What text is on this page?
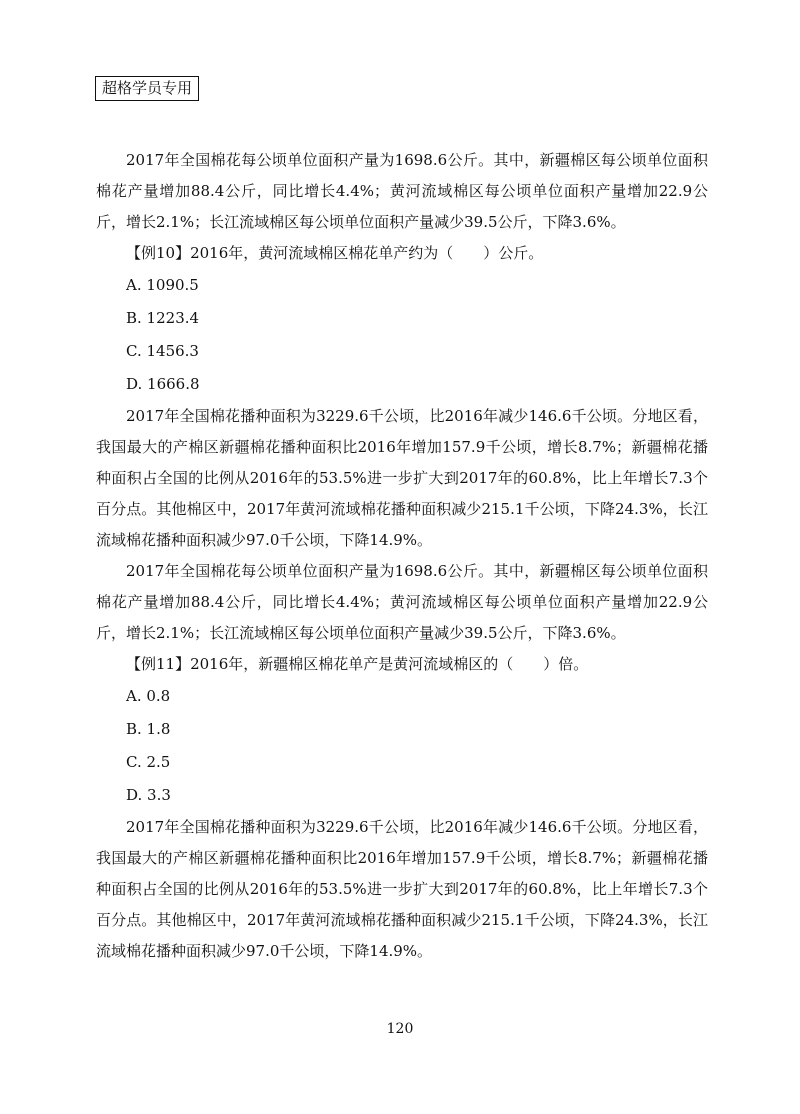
超格学员专用

2017年全国棉花每公顷单位面积产量为1698.6公斤。其中，新疆棉区每公顷单位面积棉花产量增加88.4公斤，同比增长4.4%；黄河流域棉区每公顷单位面积产量增加22.9公斤，增长2.1%；长江流域棉区每公顷单位面积产量减少39.5公斤，下降3.6%。

【例10】2016年，黄河流域棉区棉花单产约为（　　）公斤。

A. 1090.5

B. 1223.4

C. 1456.3

D. 1666.8

2017年全国棉花播种面积为3229.6千公顷，比2016年减少146.6千公顷。分地区看，我国最大的产棉区新疆棉花播种面积比2016年增加157.9千公顷，增长8.7%；新疆棉花播种面积占全国的比例从2016年的53.5%进一步扩大到2017年的60.8%，比上年增长7.3个百分点。其他棉区中，2017年黄河流域棉花播种面积减少215.1千公顷，下降24.3%，长江流域棉花播种面积减少97.0千公顷，下降14.9%。

2017年全国棉花每公顷单位面积产量为1698.6公斤。其中，新疆棉区每公顷单位面积棉花产量增加88.4公斤，同比增长4.4%；黄河流域棉区每公顷单位面积产量增加22.9公斤，增长2.1%；长江流域棉区每公顷单位面积产量减少39.5公斤，下降3.6%。

【例11】2016年，新疆棉区棉花单产是黄河流域棉区的（　　）倍。

A. 0.8

B. 1.8

C. 2.5

D. 3.3

2017年全国棉花播种面积为3229.6千公顷，比2016年减少146.6千公顷。分地区看，我国最大的产棉区新疆棉花播种面积比2016年增加157.9千公顷，增长8.7%；新疆棉花播种面积占全国的比例从2016年的53.5%进一步扩大到2017年的60.8%，比上年增长7.3个百分点。其他棉区中，2017年黄河流域棉花播种面积减少215.1千公顷，下降24.3%，长江流域棉花播种面积减少97.0千公顷，下降14.9%。

120
